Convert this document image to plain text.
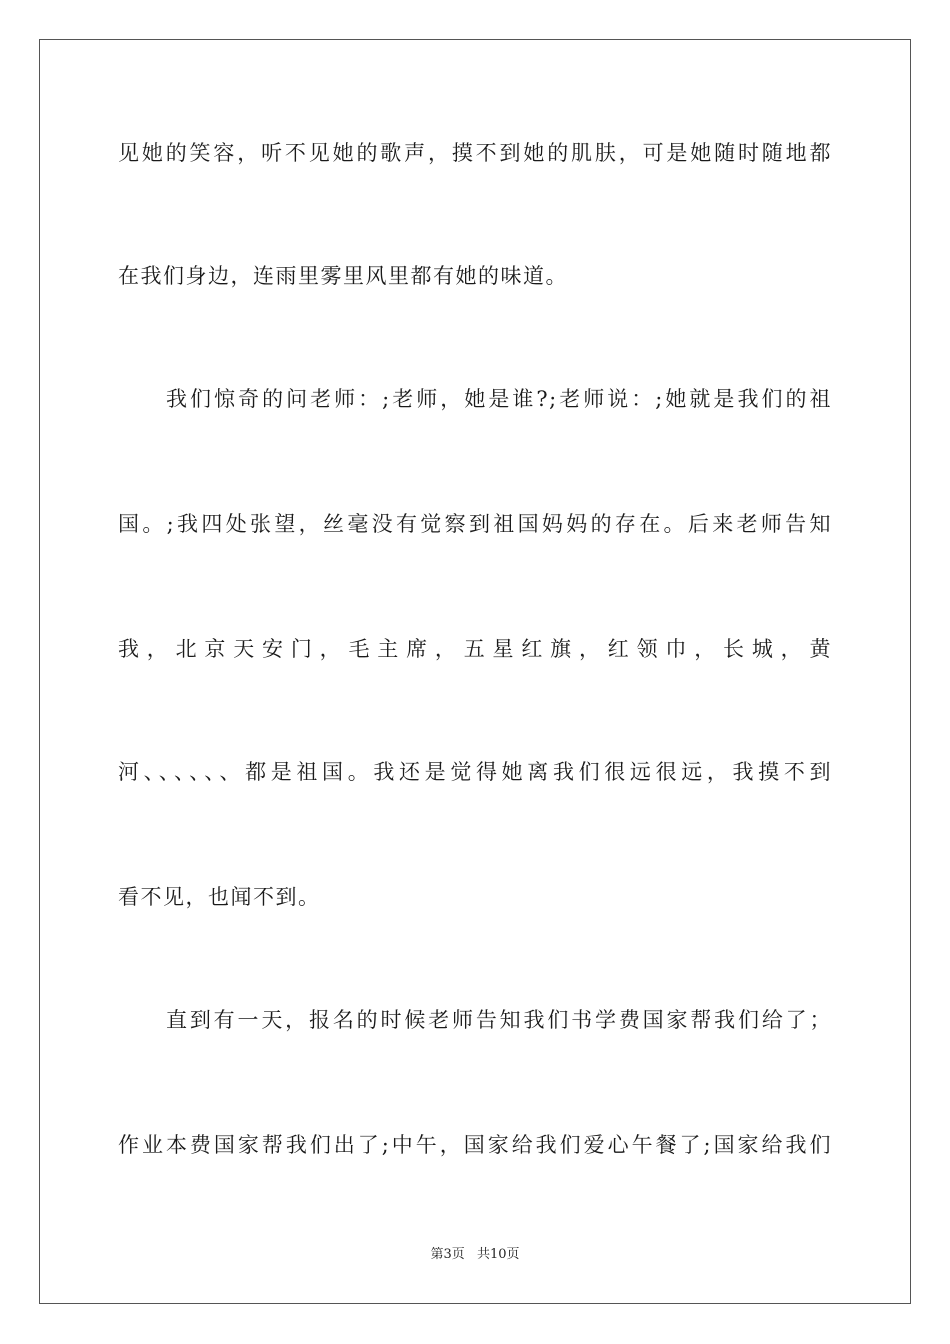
见她的笑容，听不见她的歌声，摸不到她的肌肤，可是她随时随地都
在我们身边，连雨里雾里风里都有她的味道。
我们惊奇的问老师：;老师，她是谁?;老师说：;她就是我们的祖
国。;我四处张望，丝毫没有觉察到祖国妈妈的存在。后来老师告知
我，北京天安门，毛主席，五星红旗，红领巾，长城，黄
河、、、、、、都是祖国。我还是觉得她离我们很远很远，我摸不到
看不见，也闻不到。
直到有一天，报名的时候老师告知我们书学费国家帮我们给了；
作业本费国家帮我们出了;中午，国家给我们爱心午餐了;国家给我们
第3页 共10页
